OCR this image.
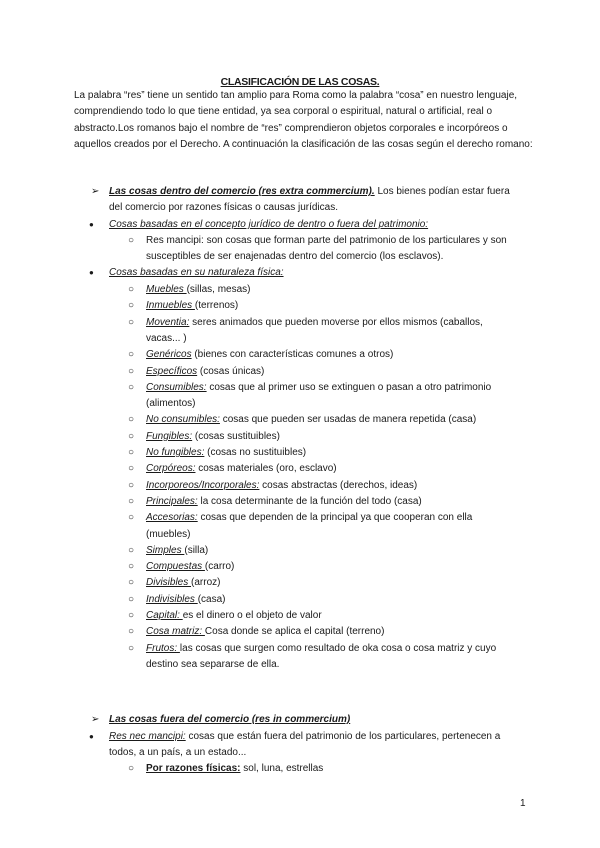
CLASIFICACIÓN DE LAS COSAS.
La palabra “res” tiene un sentido tan amplio para Roma como la palabra “cosa” en nuestro lenguaje, comprendiendo todo lo que tiene entidad, ya sea corporal o espiritual, natural o artificial, real o abstracto.Los romanos bajo el nombre de “res” comprendieron objetos corporales e incorpóreos o aquellos creados por el Derecho. A continuación la clasificación de las cosas según el derecho romano:
➢ Las cosas dentro del comercio (res extra commercium). Los bienes podían estar fuera
del comercio por razones físicas o causas jurídicas.
● Cosas basadas en el concepto jurídico de dentro o fuera del patrimonio:
○ Res mancipi: son cosas que forman parte del patrimonio de los particulares y son
susceptibles de ser enajenadas dentro del comercio (los esclavos).
● Cosas basadas en su naturaleza física:
○ Muebles (sillas, mesas)
○ Inmuebles (terrenos)
○ Moventia: seres animados que pueden moverse por ellos mismos (caballos,
vacas... )
○ Genéricos (bienes con características comunes a otros)
○ Específicos (cosas únicas)
○ Consumibles: cosas que al primer uso se extinguen o pasan a otro patrimonio
(alimentos)
○ No consumibles: cosas que pueden ser usadas de manera repetida (casa)
○ Fungibles: (cosas sustituibles)
○ No fungibles: (cosas no sustituibles)
○ Corpóreos: cosas materiales (oro, esclavo)
○ Incorporeos/Incorporales: cosas abstractas (derechos, ideas)
○ Principales: la cosa determinante de la función del todo (casa)
○ Accesorias: cosas que dependen de la principal ya que cooperan con ella
(muebles)
○ Simples (silla)
○ Compuestas (carro)
○ Divisibles (arroz)
○ Indivisibles (casa)
○ Capital: es el dinero o el objeto de valor
○ Cosa matriz: Cosa donde se aplica el capital (terreno)
○ Frutos: las cosas que surgen como resultado de oka cosa o cosa matriz y cuyo
destino sea separarse de ella.
➢ Las cosas fuera del comercio (res in commercium)
● Res nec mancipi: cosas que están fuera del patrimonio de los particulares, pertenecen a
todos, a un país, a un estado...
○ Por razones físicas: sol, luna, estrellas
1
